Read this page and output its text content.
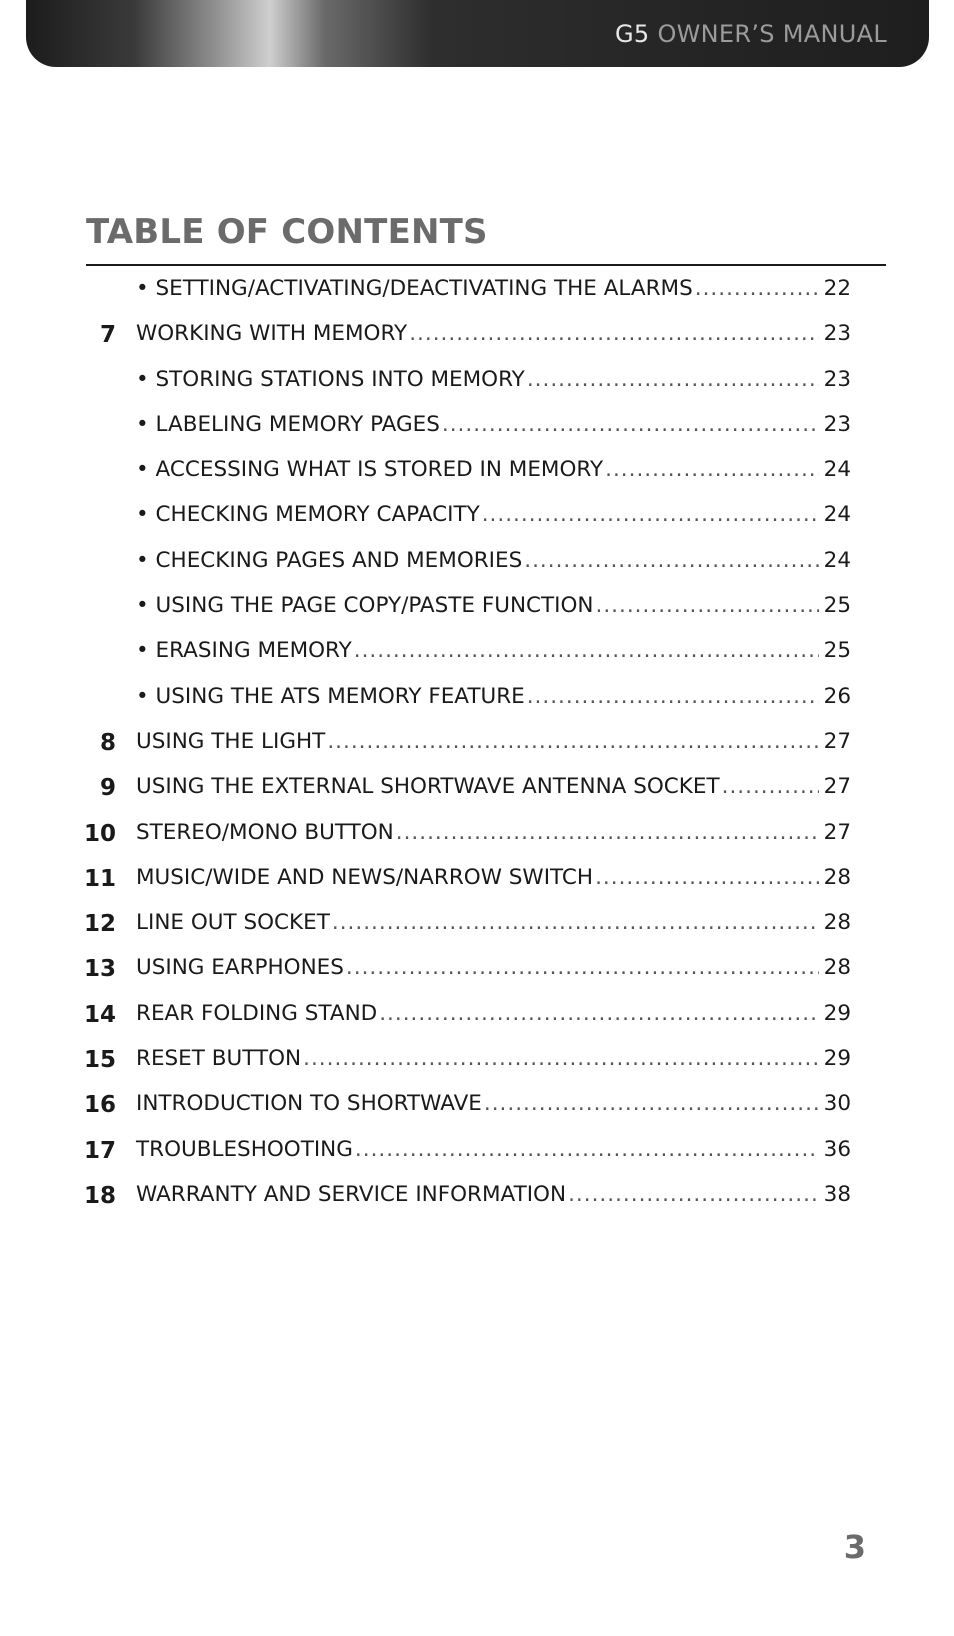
G5 OWNER’S MANUAL
TABLE OF CONTENTS
• SETTING/ACTIVATING/DEACTIVATING THE ALARMS .....	22
7 WORKING WITH MEMORY .....	23
• STORING STATIONS INTO MEMORY .....	23
• LABELING MEMORY PAGES .....	23
• ACCESSING WHAT IS STORED IN MEMORY .....	24
• CHECKING MEMORY CAPACITY .....	24
• CHECKING PAGES AND MEMORIES .....	24
• USING THE PAGE COPY/PASTE FUNCTION .....	25
• ERASING MEMORY .....	25
• USING THE ATS MEMORY FEATURE .....	26
8 USING THE LIGHT .....	27
9 USING THE EXTERNAL SHORTWAVE ANTENNA SOCKET .....	27
10 STEREO/MONO BUTTON .....	27
11 MUSIC/WIDE AND NEWS/NARROW SWITCH .....	28
12 LINE OUT SOCKET .....	28
13 USING EARPHONES .....	28
14 REAR FOLDING STAND .....	29
15 RESET BUTTON .....	29
16 INTRODUCTION TO SHORTWAVE .....	30
17 TROUBLESHOOTING .....	36
18 WARRANTY AND SERVICE INFORMATION .....	38
3
